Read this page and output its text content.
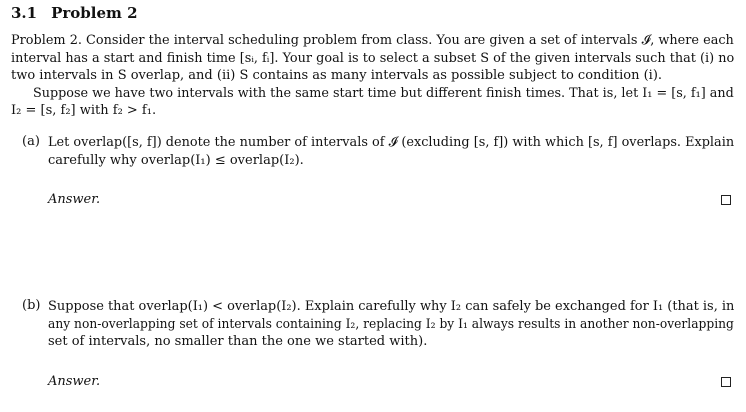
3.1 Problem 2
Problem 2. Consider the interval scheduling problem from class. You are given a set of intervals 𝓘, where each
interval has a start and finish time [sᵢ, fᵢ]. Your goal is to select a subset S of the given intervals such that (i) no
two intervals in S overlap, and (ii) S contains as many intervals as possible subject to condition (i).
Suppose we have two intervals with the same start time but different finish times. That is, let I₁ = [s, f₁] and
I₂ = [s, f₂] with f₂ > f₁.
(a) Let overlap([s, f]) denote the number of intervals of 𝓘 (excluding [s, f]) with which [s, f] overlaps. Explain
carefully why overlap(I₁) ≤ overlap(I₂).
Answer.
(b) Suppose that overlap(I₁) < overlap(I₂). Explain carefully why I₂ can safely be exchanged for I₁ (that is, in
any non-overlapping set of intervals containing I₂, replacing I₂ by I₁ always results in another non-overlapping
set of intervals, no smaller than the one we started with).
Answer.
